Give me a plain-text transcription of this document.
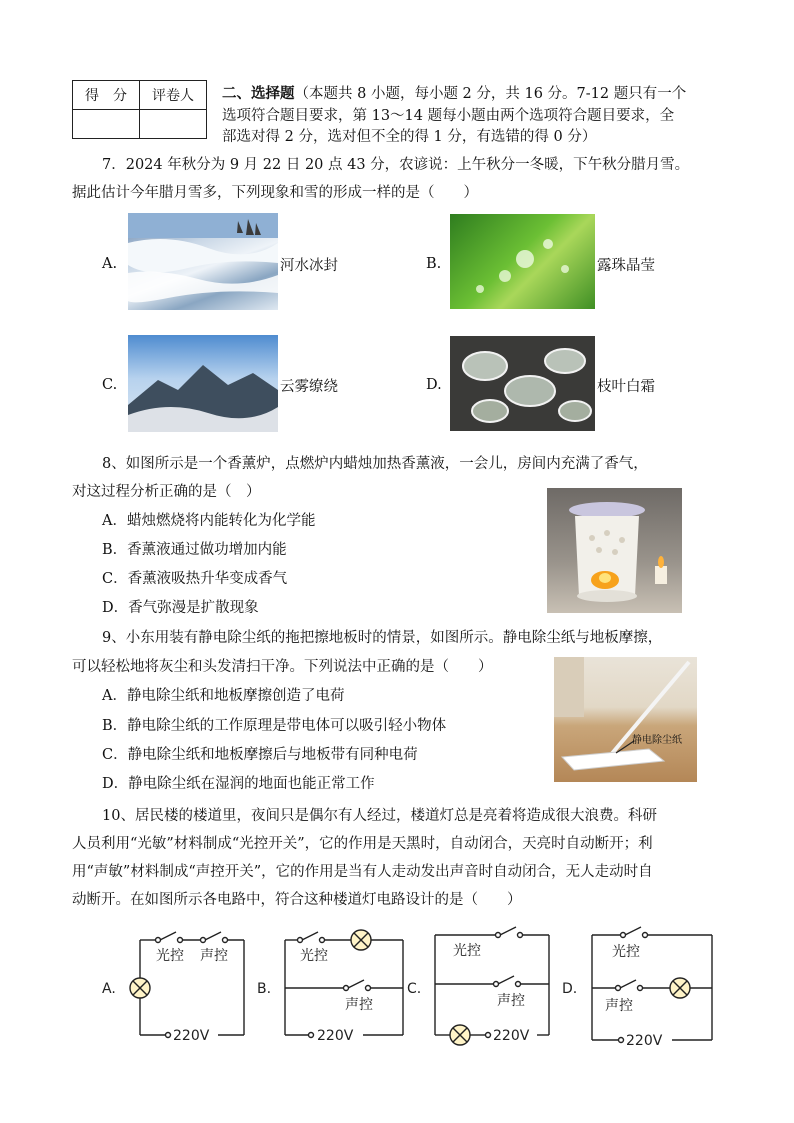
得　分	评卷人
	二、选择题（本题共 8 小题，每小题 2 分，共 16 分。7-12 题只有一个
选项符合题目要求，第 13～14 题每小题由两个选项符合题目要求，全
部选对得 2 分，选对但不全的得 1 分，有选错的得 0 分）
7．2024 年秋分为 9 月 22 日 20 点 43 分，农谚说：上午秋分一冬暖，下午秋分腊月雪。
据此估计今年腊月雪多，下列现象和雪的形成一样的是（　　）
A.	河水冰封	B.	露珠晶莹
C.	云雾缭绕	D.	枝叶白霜
8、如图所示是一个香薰炉，点燃炉内蜡烛加热香薰液，一会儿，房间内充满了香气，
对这过程分析正确的是（　）
A．蜡烛燃烧将内能转化为化学能
B．香薰液通过做功增加内能
C．香薰液吸热升华变成香气
D．香气弥漫是扩散现象
9、小东用装有静电除尘纸的拖把擦地板时的情景，如图所示。静电除尘纸与地板摩擦，
可以轻松地将灰尘和头发清扫干净。下列说法中正确的是（　　）
A．静电除尘纸和地板摩擦创造了电荷
B．静电除尘纸的工作原理是带电体可以吸引轻小物体
C．静电除尘纸和地板摩擦后与地板带有同种电荷
D．静电除尘纸在湿润的地面也能正常工作
静电除尘纸
10、居民楼的楼道里，夜间只是偶尔有人经过，楼道灯总是亮着将造成很大浪费。科研
人员利用“光敏”材料制成“光控开关”，它的作用是天黑时，自动闭合，天亮时自动断开；利
用“声敏”材料制成“声控开关”，它的作用是当有人走动发出声音时自动闭合，无人走动时自
动断开。在如图所示各电路中，符合这种楼道灯电路设计的是（　　）
A.
光控 声控
220V
B.
光控
声控
220V
C.
光控
声控
220V
D.
光控
声控
220V
